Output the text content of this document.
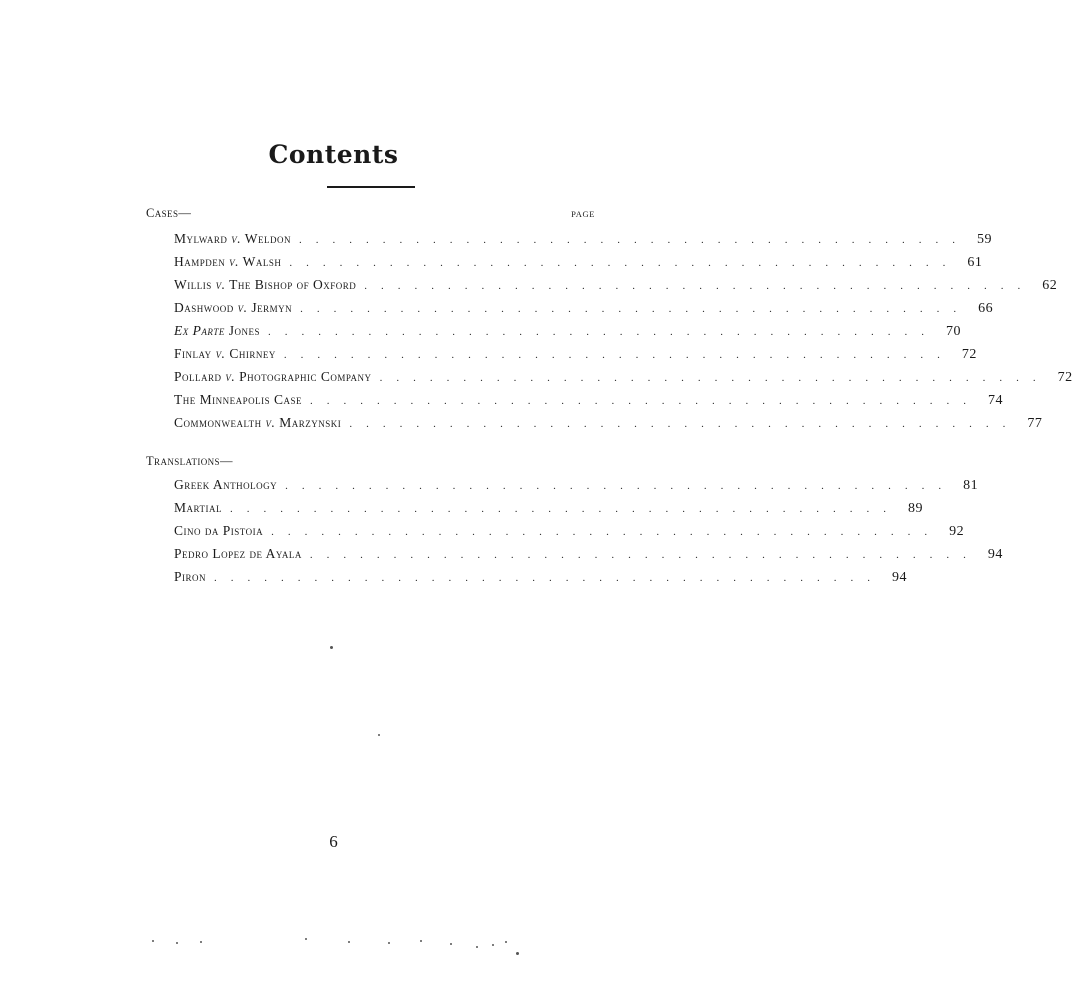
Contents
Cases—	PAGE
Translations—
Mylward v. Weldon ........................................ 59
Hampden v. Walsh ........................................ 61
Willis v. The Bishop of Oxford ........................................ 62
Dashwood v. Jermyn ........................................ 66
Ex Parte Jones ........................................ 70
Finlay v. Chirney ........................................ 72
Pollard v. Photographic Company ........................................ 72
The Minneapolis Case ........................................ 74
Commonwealth v. Marzynski ........................................ 77
Greek Anthology ........................................ 81
Martial ........................................ 89
Cino da Pistoia ........................................ 92
Pedro Lopez de Ayala ........................................ 94
Piron ........................................ 94
6
